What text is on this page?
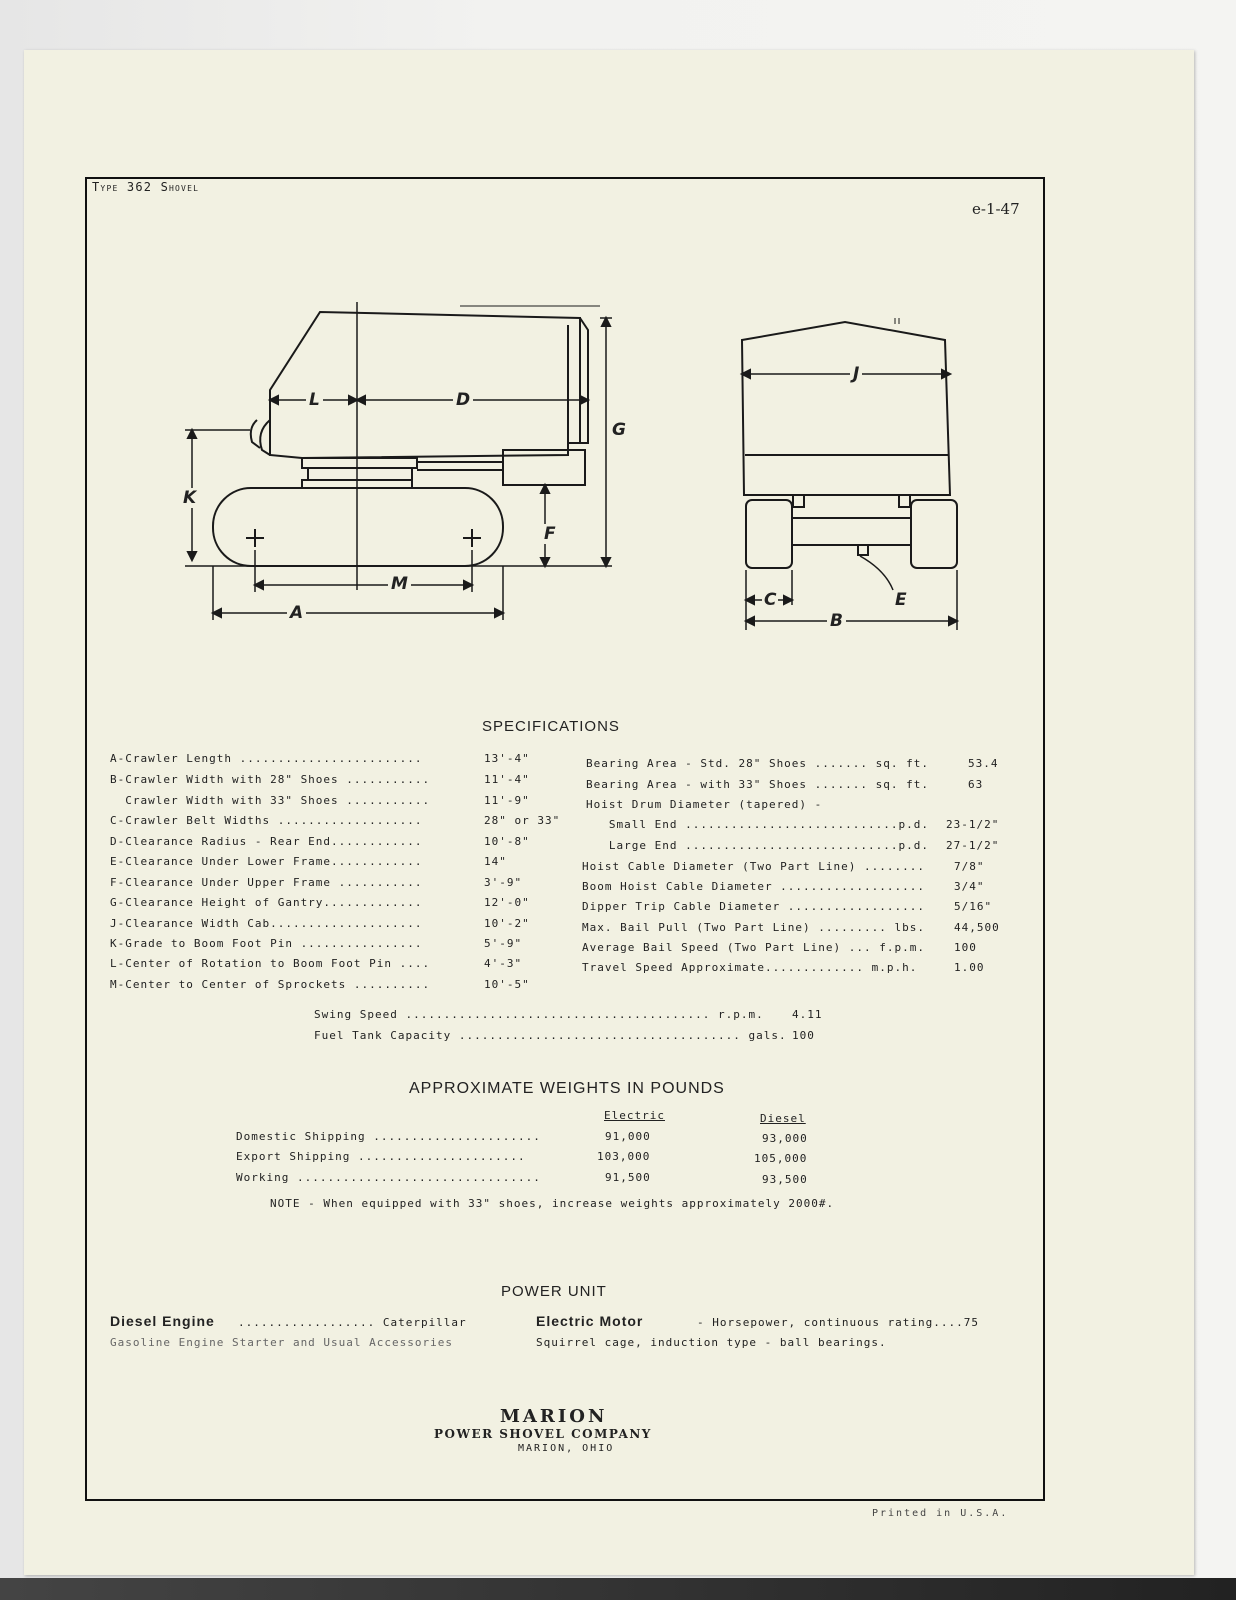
Type 362 Shovel
e-1-47
L	D
G
K
F
M
A
J
C	E
B
SPECIFICATIONS
A-Crawler Length ........................	13'-4"
B-Crawler Width with 28" Shoes ...........	11'-4"
Crawler Width with 33" Shoes ...........	11'-9"
C-Crawler Belt Widths ...................	28" or 33"
D-Clearance Radius - Rear End............	10'-8"
E-Clearance Under Lower Frame............	14"
F-Clearance Under Upper Frame ...........	3'-9"
G-Clearance Height of Gantry.............	12'-0"
J-Clearance Width Cab....................	10'-2"
K-Grade to Boom Foot Pin ................	5'-9"
L-Center of Rotation to Boom Foot Pin ....	4'-3"
M-Center to Center of Sprockets ..........	10'-5"
Bearing Area - Std. 28" Shoes ....... sq. ft.	53.4
Bearing Area - with 33" Shoes ....... sq. ft.	63
Hoist Drum Diameter (tapered) -
Small End ............................p.d. 23-1/2"
Large End ............................p.d. 27-1/2"
Hoist Cable Diameter (Two Part Line) ........	7/8"
Boom Hoist Cable Diameter ...................	3/4"
Dipper Trip Cable Diameter ..................	5/16"
Max. Bail Pull (Two Part Line) ......... lbs.	44,500
Average Bail Speed (Two Part Line) ... f.p.m.	100
Travel Speed Approximate............. m.p.h.	1.00
Swing Speed ........................................ r.p.m.	4.11
Fuel Tank Capacity ..................................... gals. 100
APPROXIMATE WEIGHTS IN POUNDS
Electric	Diesel
Domestic Shipping ......................	91,000	93,000
Export Shipping ......................	103,000	105,000
Working ................................	91,500	93,500
NOTE - When equipped with 33" shoes, increase weights approximately 2000#.
POWER UNIT
Diesel Engine .................. Caterpillar
Gasoline Engine Starter and Usual Accessories
Electric Motor	- Horsepower, continuous rating....75
Squirrel cage, induction type - ball bearings.
MARION
POWER SHOVEL COMPANY
MARION, OHIO
Printed in U.S.A.
